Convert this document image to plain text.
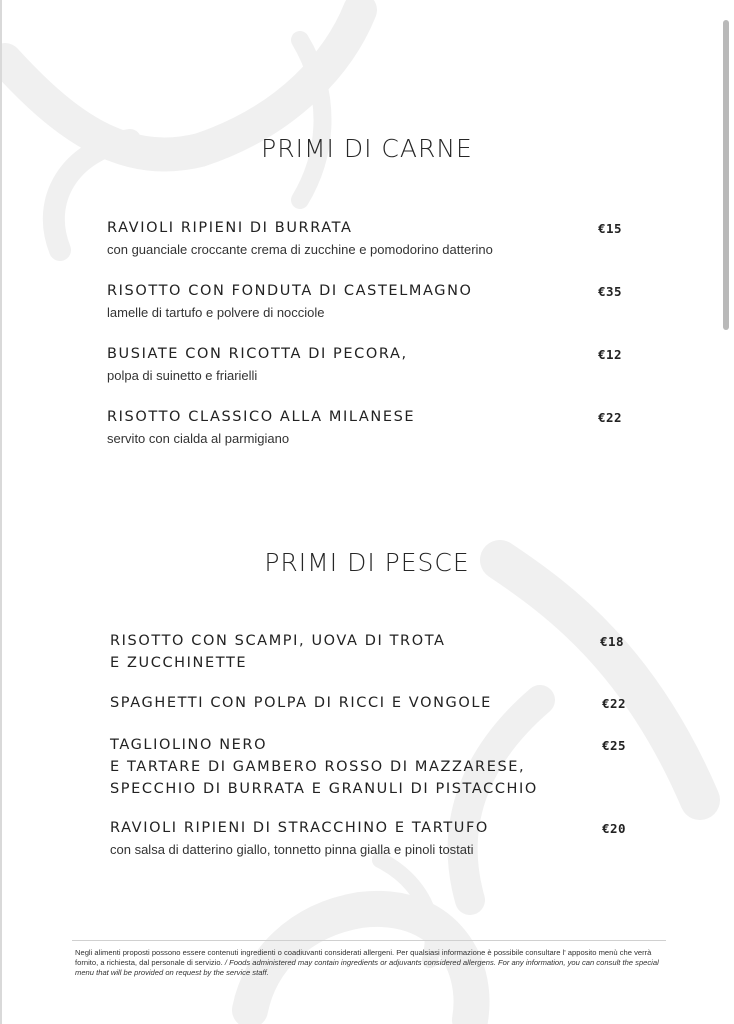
PRIMI DI CARNE
RAVIOLI RIPIENI DI BURRATA
con guanciale croccante crema di zucchine e pomodorino datterino
€15
RISOTTO CON FONDUTA DI CASTELMAGNO
lamelle di tartufo e polvere di nocciole
€35
BUSIATE CON RICOTTA DI PECORA,
polpa di suinetto e friarielli
€12
RISOTTO CLASSICO ALLA MILANESE
servito con cialda al parmigiano
€22
PRIMI DI PESCE
RISOTTO CON SCAMPI, UOVA DI TROTA
E ZUCCHINETTE
€18
SPAGHETTI CON POLPA DI RICCI E VONGOLE	€22
TAGLIOLINO NERO
E TARTARE DI GAMBERO ROSSO DI MAZZARESE,
SPECCHIO DI BURRATA E GRANULI DI PISTACCHIO
€25
RAVIOLI RIPIENI DI STRACCHINO E TARTUFO
con salsa di datterino giallo, tonnetto pinna gialla e pinoli tostati
€20

Negli alimenti proposti possono essere contenuti ingredienti o coadiuvanti considerati allergeni. Per qualsiasi informazione è possibile consultare l' apposito menù che verrà fornito, a richiesta, dal personale di servizio. / Foods administered may contain ingredients or adjuvants considered allergens. For any information, you can consult the special menu that will be provided on request by the service staff.
